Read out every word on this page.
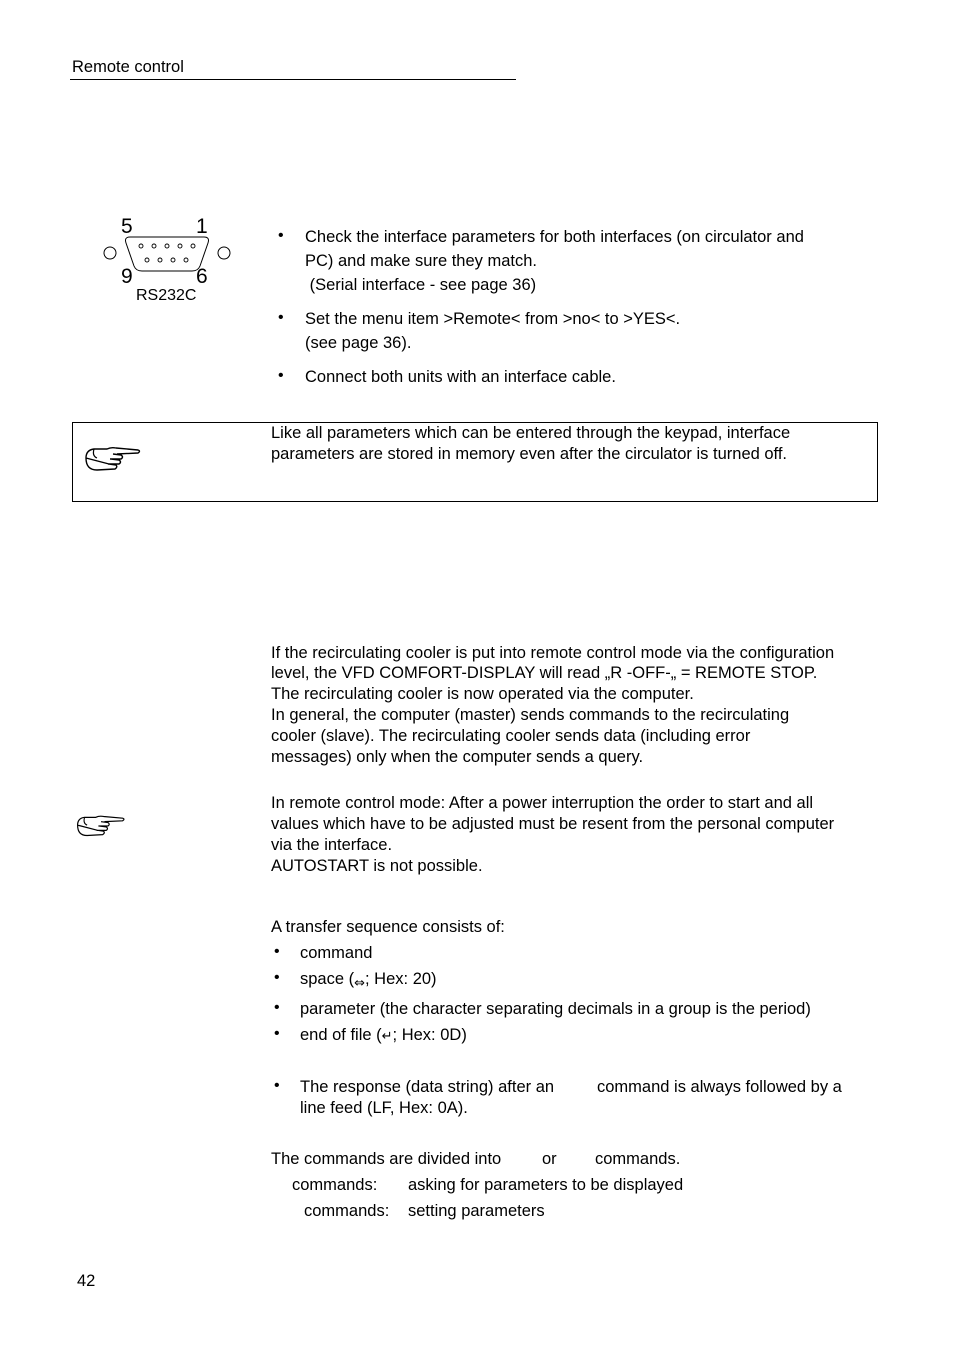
Remote control
5	1
9	6
RS232C
• Check the interface parameters for both interfaces (on circulator and
PC) and make sure they match.
(Serial interface - see page 36)
• Set the menu item >Remote< from >no< to >YES<.
(see page 36).
• Connect both units with an interface cable.
Like all parameters which can be entered through the keypad, interface
parameters are stored in memory even after the circulator is turned off.
If the recirculating cooler is put into remote control mode via the configuration
level, the VFD COMFORT-DISPLAY will read „R -OFF-„ = REMOTE STOP.
The recirculating cooler is now operated via the computer.
In general, the computer (master) sends commands to the recirculating
cooler (slave). The recirculating cooler sends data (including error
messages) only when the computer sends a query.
In remote control mode: After a power interruption the order to start and all
values which have to be adjusted must be resent from the personal computer
via the interface.
AUTOSTART is not possible.
A transfer sequence consists of:
• command
• space (⇔; Hex: 20)
• parameter (the character separating decimals in a group is the period)
• end of file (↵; Hex: 0D)
• The response (data string) after an	command is always followed by a
line feed (LF, Hex: 0A).
The commands are divided into or commands.
commands: asking for parameters to be displayed
commands: setting parameters
42
